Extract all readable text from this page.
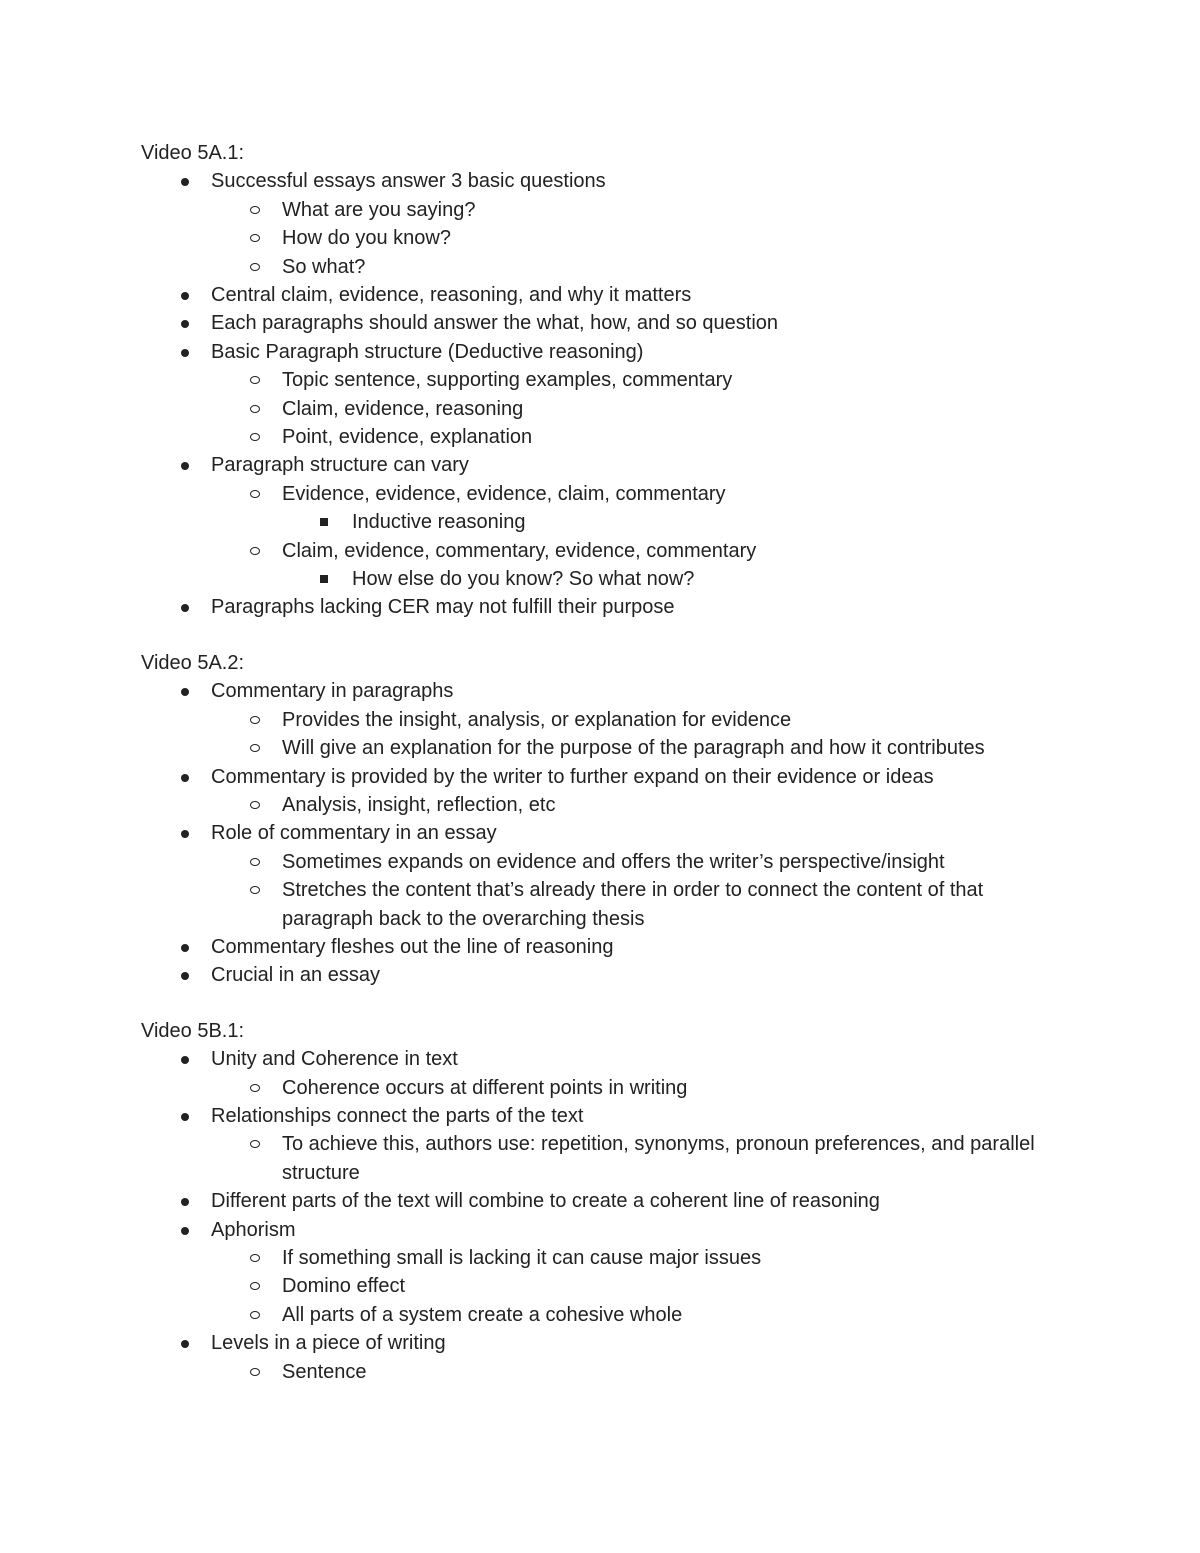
Video 5A.1:
Successful essays answer 3 basic questions
What are you saying?
How do you know?
So what?
Central claim, evidence, reasoning, and why it matters
Each paragraphs should answer the what, how, and so question
Basic Paragraph structure (Deductive reasoning)
Topic sentence, supporting examples, commentary
Claim, evidence, reasoning
Point, evidence, explanation
Paragraph structure can vary
Evidence, evidence, evidence, claim, commentary
Inductive reasoning
Claim, evidence, commentary, evidence, commentary
How else do you know? So what now?
Paragraphs lacking CER may not fulfill their purpose
Video 5A.2:
Commentary in paragraphs
Provides the insight, analysis, or explanation for evidence
Will give an explanation for the purpose of the paragraph and how it contributes
Commentary is provided by the writer to further expand on their evidence or ideas
Analysis, insight, reflection, etc
Role of commentary in an essay
Sometimes expands on evidence and offers the writer’s perspective/insight
Stretches the content that’s already there in order to connect the content of that paragraph back to the overarching thesis
Commentary fleshes out the line of reasoning
Crucial in an essay
Video 5B.1:
Unity and Coherence in text
Coherence occurs at different points in writing
Relationships connect the parts of the text
To achieve this, authors use: repetition, synonyms, pronoun preferences, and parallel structure
Different parts of the text will combine to create a coherent line of reasoning
Aphorism
If something small is lacking it can cause major issues
Domino effect
All parts of a system create a cohesive whole
Levels in a piece of writing
Sentence
